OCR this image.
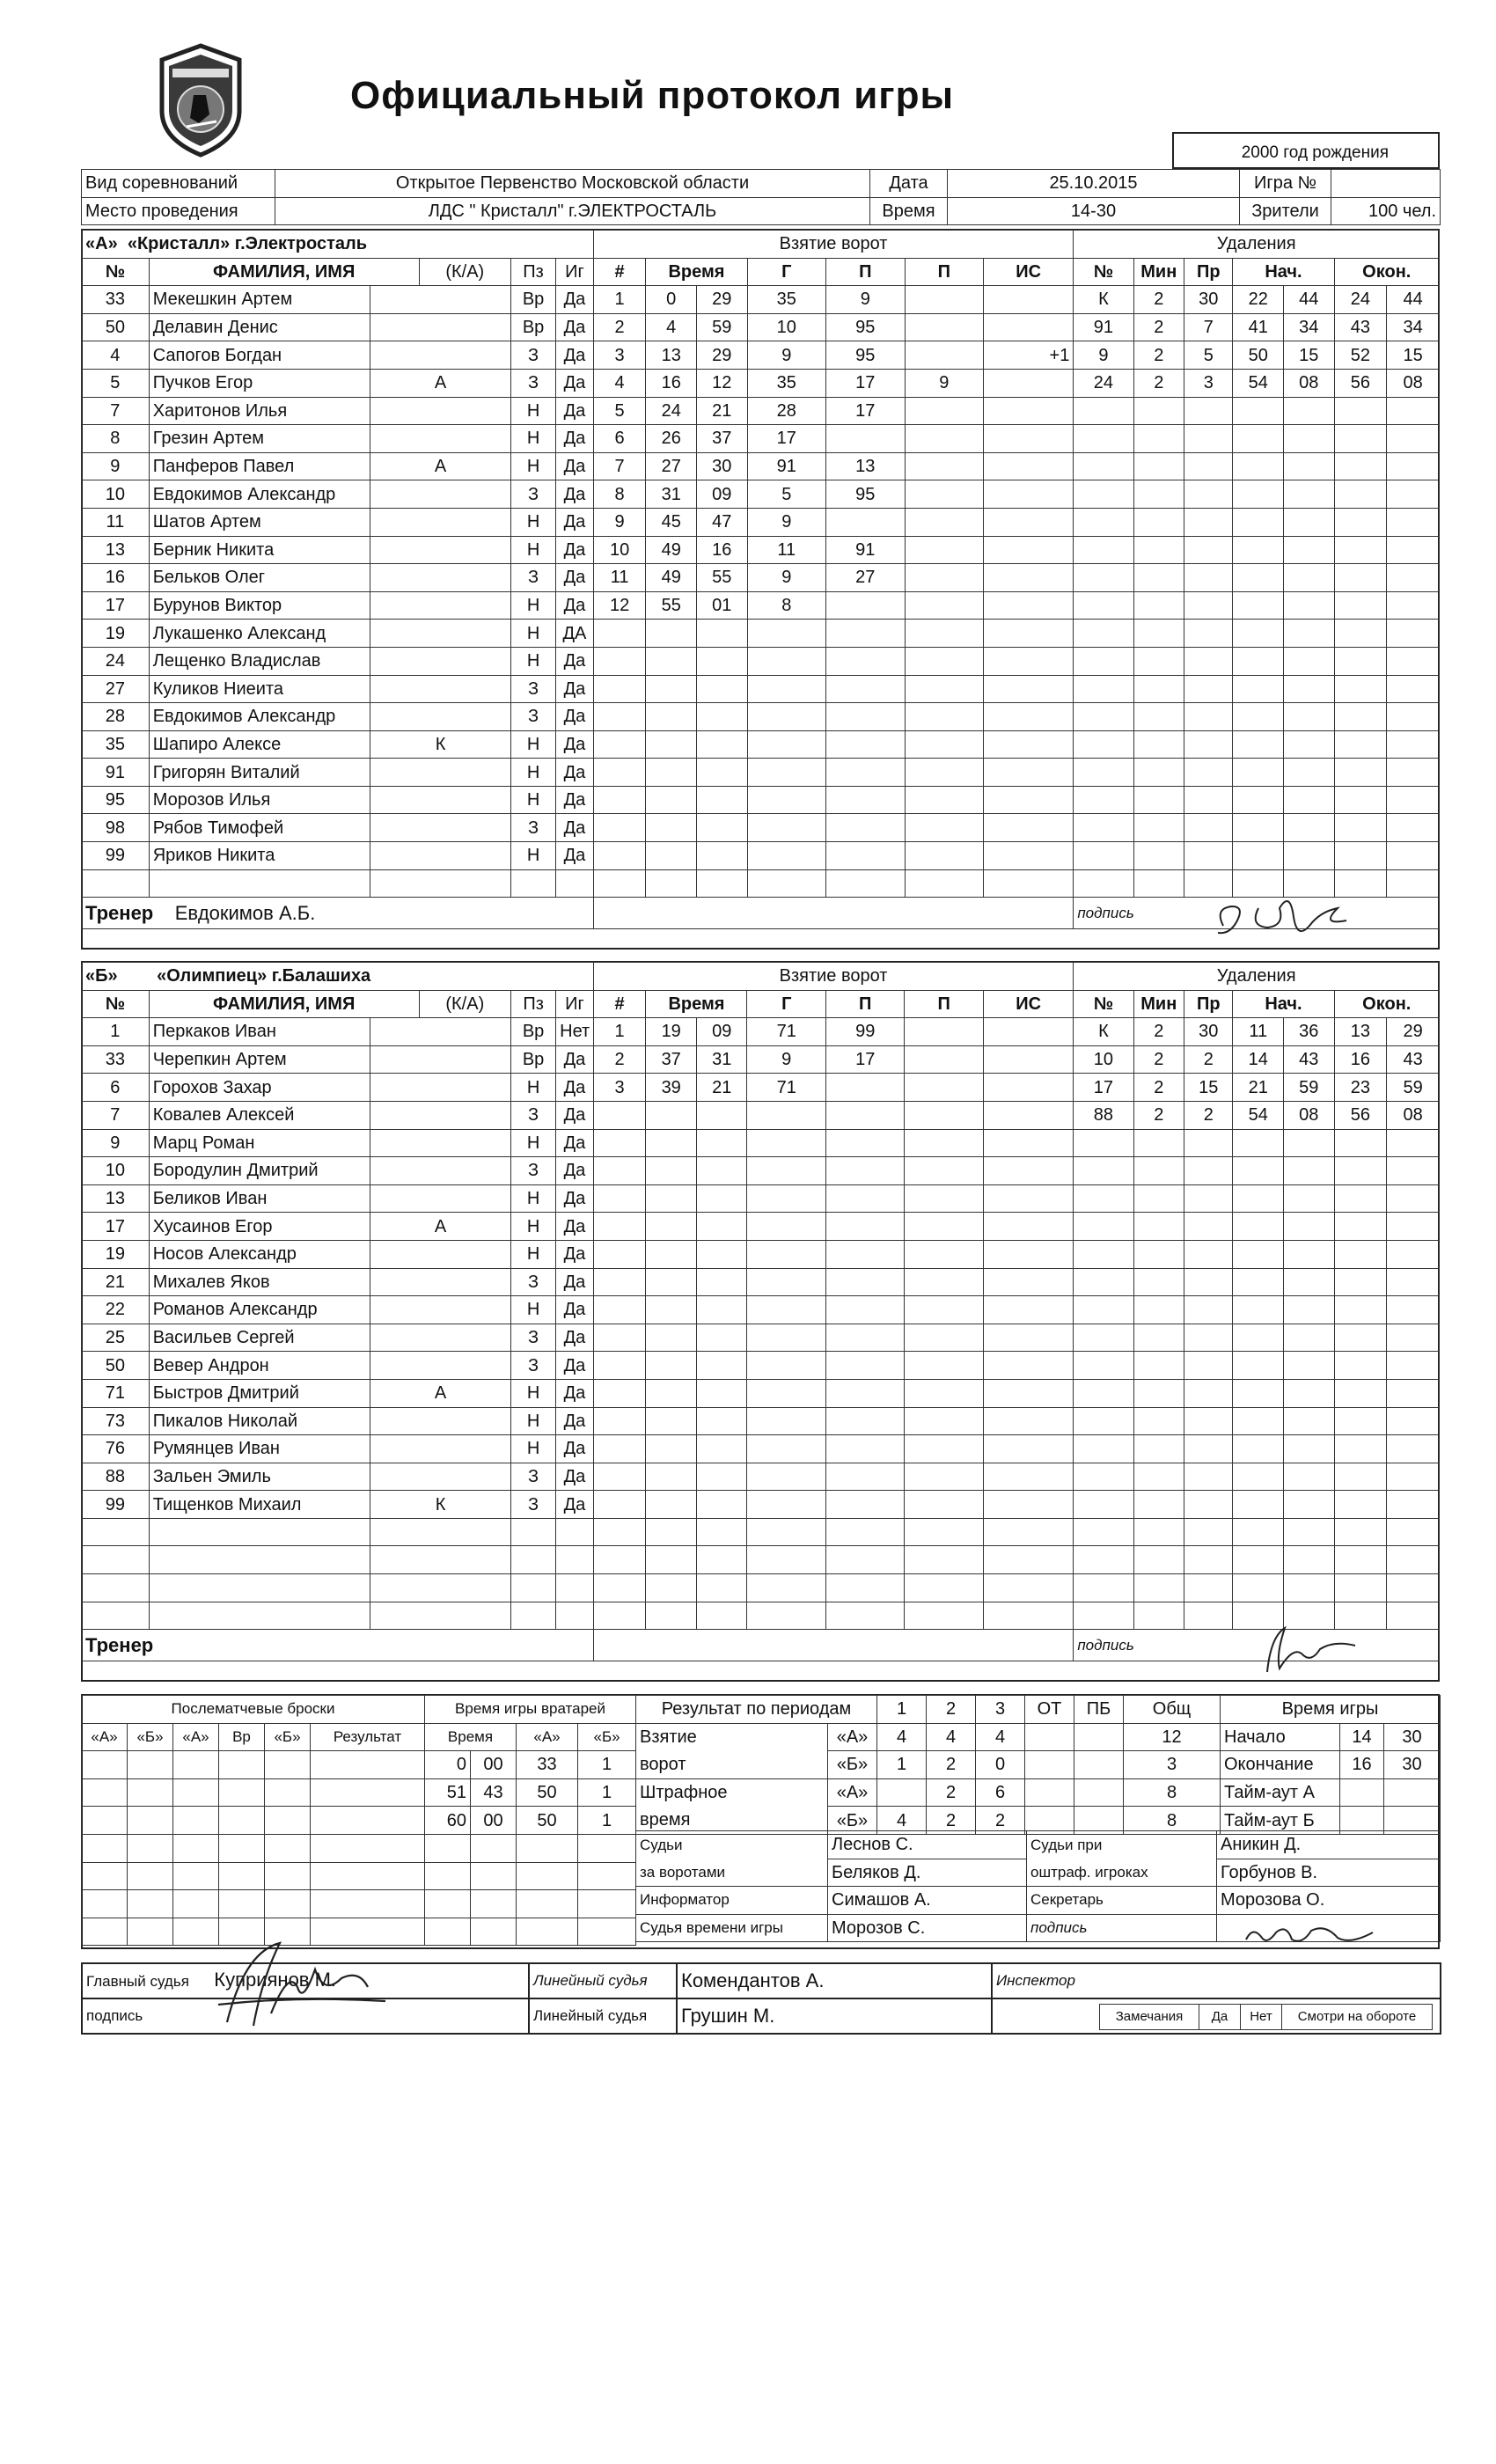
Официальный протокол игры
2000 год рождения
Вид соревнований	Открытое Первенство Московской области	Дата	25.10.2015	Игра №	
Место проведения	ЛДС " Кристалл" г.ЭЛЕКТРОСТАЛЬ	Время	14-30	Зрители	100 чел.
«А» «Кристалл» г.Электросталь						Взятие ворот							Удаления						
№	ФАМИЛИЯ, ИМЯ		(К/А)	Пз	Иг	#	Время		Г	П	П	ИС	№	Мин	Пр	Нач.		Окон.	
33	Мекешкин Артем			Вр	Да	1	0	29	35	9			К	2	30	22	44	24	44
50	Делавин Денис			Вр	Да	2	4	59	10	95			91	2	7	41	34	43	34
4	Сапогов Богдан			З	Да	3	13	29	9	95		+1	9	2	5	50	15	52	15
5	Пучков Егор	А		З	Да	4	16	12	35	17	9		24	2	3	54	08	56	08
7	Харитонов Илья			Н	Да	5	24	21	28	17									
8	Грезин Артем			Н	Да	6	26	37	17										
9	Панферов Павел	А		Н	Да	7	27	30	91	13									
10	Евдокимов Александр			З	Да	8	31	09	5	95									
11	Шатов Артем			Н	Да	9	45	47	9										
13	Берник Никита			Н	Да	10	49	16	11	91									
16	Бельков Олег			З	Да	11	49	55	9	27									
17	Бурунов Виктор			Н	Да	12	55	01	8										
19	Лукашенко Александ			Н	ДА														
24	Лещенко Владислав			Н	Да														
27	Куликов Ниеита			З	Да														
28	Евдокимов Александр			З	Да														
35	Шапиро Алексе	К		Н	Да														
91	Григорян Виталий			Н	Да														
95	Морозов Илья			Н	Да														
98	Рябов Тимофей			З	Да														
99	Яриков Никита			Н	Да														

Тренер Евдокимов А.Б.													подпись						
«Б» «Олимпиец» г.Балашиха						Взятие ворот							Удаления						
№	ФАМИЛИЯ, ИМЯ		(К/А)	Пз	Иг	#	Время		Г	П	П	ИС	№	Мин	Пр	Нач.		Окон.	
1	Перкаков Иван			Вр	Нет	1	19	09	71	99			К	2	30	11	36	13	29
33	Черепкин Артем			Вр	Да	2	37	31	9	17			10	2	2	14	43	16	43
6	Горохов Захар			Н	Да	3	39	21	71				17	2	15	21	59	23	59
7	Ковалев Алексей			З	Да								88	2	2	54	08	56	08
9	Марц Роман			Н	Да														
10	Бородулин Дмитрий			З	Да														
13	Беликов Иван			Н	Да														
17	Хусаинов Егор	А		Н	Да														
19	Носов Александр			Н	Да														
21	Михалев Яков			З	Да														
22	Романов Александр			Н	Да														
25	Васильев Сергей			З	Да														
50	Вевер Андрон			З	Да														
71	Быстров Дмитрий	А		Н	Да														
73	Пикалов Николай			Н	Да														
76	Румянцев Иван			Н	Да														
88	Зальен Эмиль			З	Да														
99	Тищенков Михаил	К		З	Да														

Тренер													подпись						
Послематчевые броски					
«А»	«Б»	«А»	Вр	«Б»	Результат

Время игры вратарей			
Время		«А»	«Б»
0	00	33	1
51	43	50	1
60	00	50	1

Результат по периодам		1	2	3	ОТ	ПБ	Общ
Взятие	«А»	4	4	4			12
ворот	«Б»	1	2	0			3
Штрафное	«А»		2	6			8
время	«Б»	4	2	2			8
Время игры		
Начало	14	30
Окончание	16	30
Тайм-аут А		
Тайм-аут Б		
Судьи	Леснов С.	Судьи при	Аникин Д.
за воротами	Беляков Д.	oштраф. игроках	Горбунов В.
Информатор	Симашов А.	Секретарь	Морозова О.
Судья времени игры	Морозов С.	подпись	
Главный судья Куприянов М.	Линейный судья	Комендантов А.	Инспектор
подпись	Линейный судья	Грушин М.		Замечания	Да	Нет	Смотри на обороте
